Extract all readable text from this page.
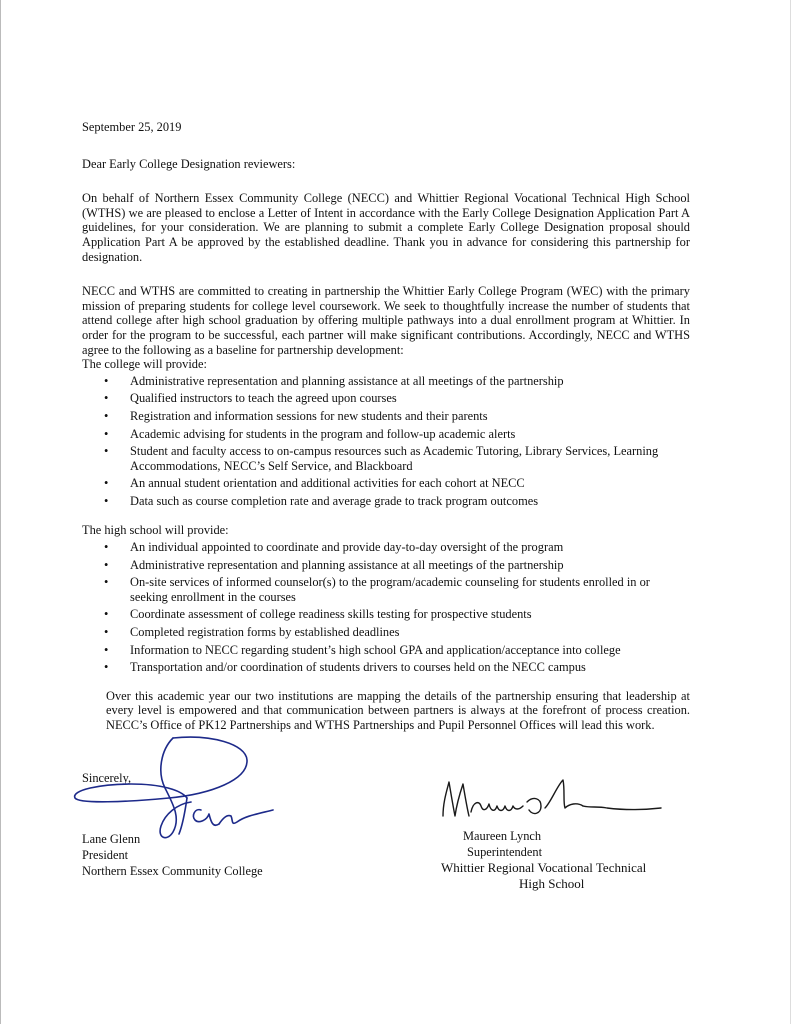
September 25, 2019
Dear Early College Designation reviewers:

On behalf of Northern Essex Community College (NECC) and Whittier Regional Vocational Technical High School (WTHS) we are pleased to enclose a Letter of Intent in accordance with the Early College Designation Application Part A guidelines, for your consideration. We are planning to submit a complete Early College Designation proposal should Application Part A be approved by the established deadline. Thank you in advance for considering this partnership for designation.

NECC and WTHS are committed to creating in partnership the Whittier Early College Program (WEC) with the primary mission of preparing students for college level coursework. We seek to thoughtfully increase the number of students that attend college after high school graduation by offering multiple pathways into a dual enrollment program at Whittier. In order for the program to be successful, each partner will make significant contributions. Accordingly, NECC and WTHS agree to the following as a baseline for partnership development:

The college will provide:
• Administrative representation and planning assistance at all meetings of the partnership
• Qualified instructors to teach the agreed upon courses
• Registration and information sessions for new students and their parents
• Academic advising for students in the program and follow-up academic alerts
• Student and faculty access to on-campus resources such as Academic Tutoring, Library Services, Learning Accommodations, NECC’s Self Service, and Blackboard
• An annual student orientation and additional activities for each cohort at NECC
• Data such as course completion rate and average grade to track program outcomes
The high school will provide:
• An individual appointed to coordinate and provide day-to-day oversight of the program
• Administrative representation and planning assistance at all meetings of the partnership
• On-site services of informed counselor(s) to the program/academic counseling for students enrolled in or seeking enrollment in the courses
• Coordinate assessment of college readiness skills testing for prospective students
• Completed registration forms by established deadlines
• Information to NECC regarding student’s high school GPA and application/acceptance into college
• Transportation and/or coordination of students drivers to courses held on the NECC campus

Over this academic year our two institutions are mapping the details of the partnership ensuring that leadership at every level is empowered and that communication between partners is always at the forefront of process creation. NECC’s Office of PK12 Partnerships and WTHS Partnerships and Pupil Personnel Offices will lead this work.

Sincerely,
Lane Glenn
President
Northern Essex Community College
Maureen Lynch
Superintendent
Whittier Regional Vocational Technical
High School
